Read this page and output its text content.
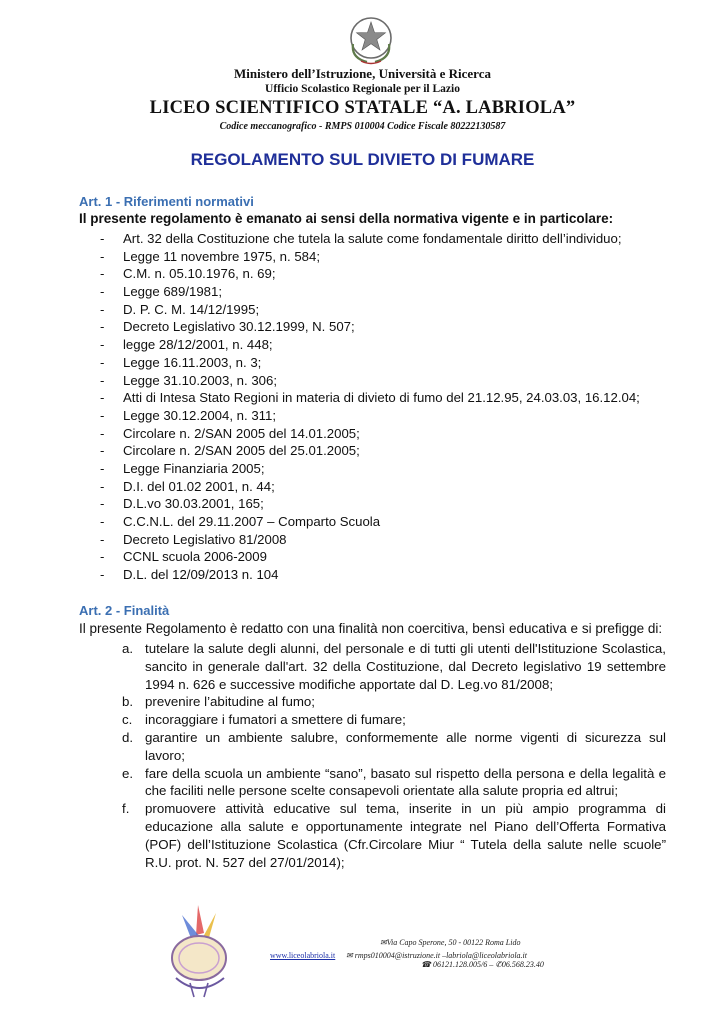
Ministero dell’Istruzione, Università e Ricerca
Ufficio Scolastico Regionale per il Lazio
LICEO SCIENTIFICO STATALE “A. LABRIOLA”
Codice meccanografico - RMPS 010004 Codice Fiscale 80222130587
REGOLAMENTO SUL DIVIETO DI FUMARE
Art. 1 - Riferimenti normativi
Il presente regolamento è emanato ai sensi della normativa vigente e in particolare:
- Art. 32 della Costituzione che tutela la salute come fondamentale diritto dell’individuo;
- Legge 11 novembre 1975, n. 584;
- C.M. n. 05.10.1976, n. 69;
- Legge 689/1981;
- D. P. C. M. 14/12/1995;
- Decreto Legislativo 30.12.1999, N. 507;
- legge 28/12/2001, n. 448;
- Legge 16.11.2003, n. 3;
- Legge 31.10.2003, n. 306;
- Atti di Intesa Stato Regioni in materia di divieto di fumo del 21.12.95, 24.03.03, 16.12.04;
- Legge 30.12.2004, n. 311;
- Circolare n. 2/SAN 2005 del 14.01.2005;
- Circolare n. 2/SAN 2005 del 25.01.2005;
- Legge Finanziaria 2005;
- D.I. del 01.02 2001, n. 44;
- D.L.vo 30.03.2001, 165;
- C.C.N.L. del 29.11.2007 – Comparto Scuola
- Decreto Legislativo 81/2008
- CCNL scuola 2006-2009
- D.L. del 12/09/2013 n. 104
Art. 2 - Finalità
Il presente Regolamento è redatto con una finalità non coercitiva, bensì educativa e si prefigge di:
a. tutelare la salute degli alunni, del personale e di tutti gli utenti dell'Istituzione Scolastica, sancito in generale dall'art. 32 della Costituzione, dal Decreto legislativo 19 settembre 1994 n. 626 e successive modifiche apportate dal D. Leg.vo 81/2008;
b. prevenire l’abitudine al fumo;
c. incoraggiare i fumatori a smettere di fumare;
d. garantire un ambiente salubre, conformemente alle norme vigenti di sicurezza sul lavoro;
e. fare della scuola un ambiente “sano”, basato sul rispetto della persona e della legalità e che faciliti nelle persone scelte consapevoli orientate alla salute propria ed altrui;
f. promuovere attività educative sul tema, inserite in un più ampio programma di educazione alla salute e opportunamente integrate nel Piano dell’Offerta Formativa (POF) dell’Istituzione Scolastica (Cfr.Circolare Miur “ Tutela della salute nelle scuole” R.U. prot. N. 527 del 27/01/2014);
✉Via Capo Sperone, 50 - 00122 Roma Lido
www.liceolabriola.it ✉ rmps01000​4@istruzione.it –labriola@liceolabriola.it
☎ 06121.128.005/6 – ✆06.568.23.40
